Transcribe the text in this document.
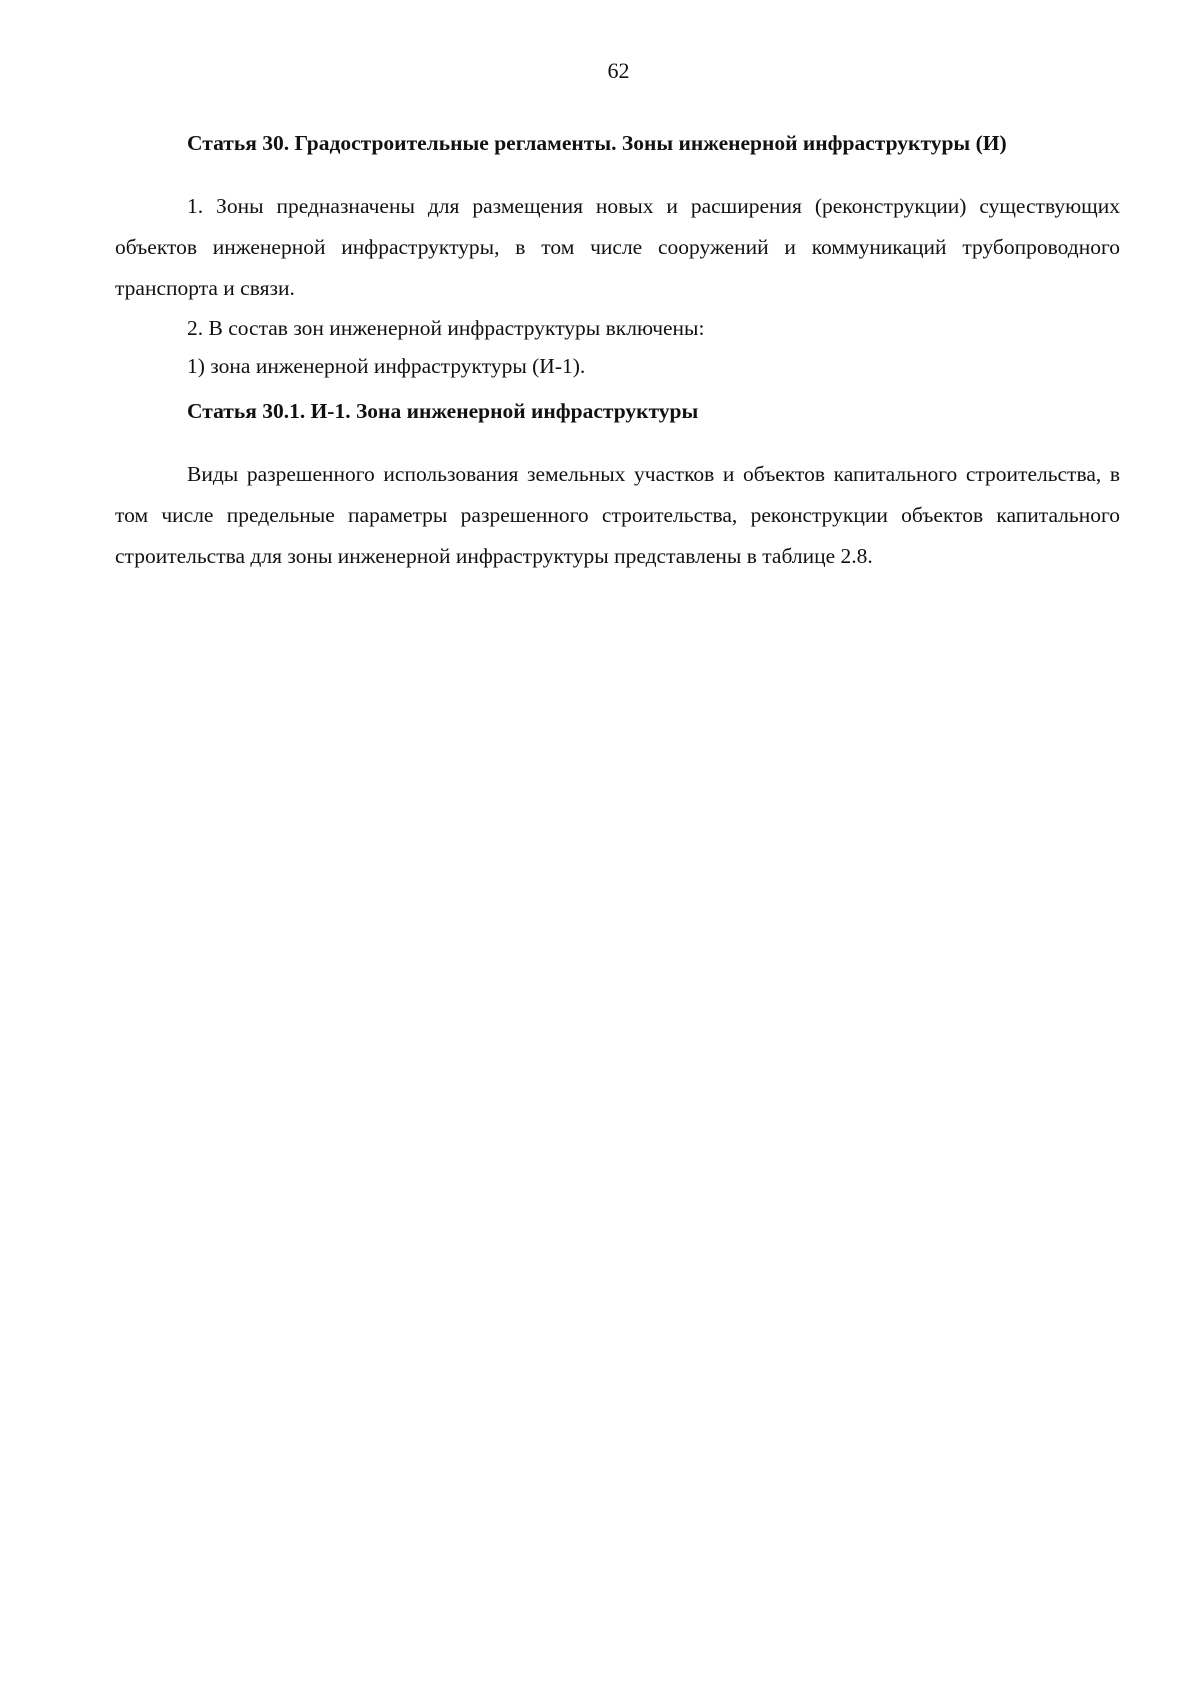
62

Статья 30. Градостроительные регламенты. Зоны инженерной инфраструктуры (И)

1. Зоны предназначены для размещения новых и расширения (реконструкции) существующих объектов инженерной инфраструктуры, в том числе сооружений и коммуникаций трубопроводного транспорта и связи.

2. В состав зон инженерной инфраструктуры включены:

1) зона инженерной инфраструктуры (И-1).

Статья 30.1. И-1. Зона инженерной инфраструктуры

Виды разрешенного использования земельных участков и объектов капитального строительства, в том числе предельные параметры разрешенного строительства, реконструкции объектов капитального строительства для зоны инженерной инфраструктуры представлены в таблице 2.8.
